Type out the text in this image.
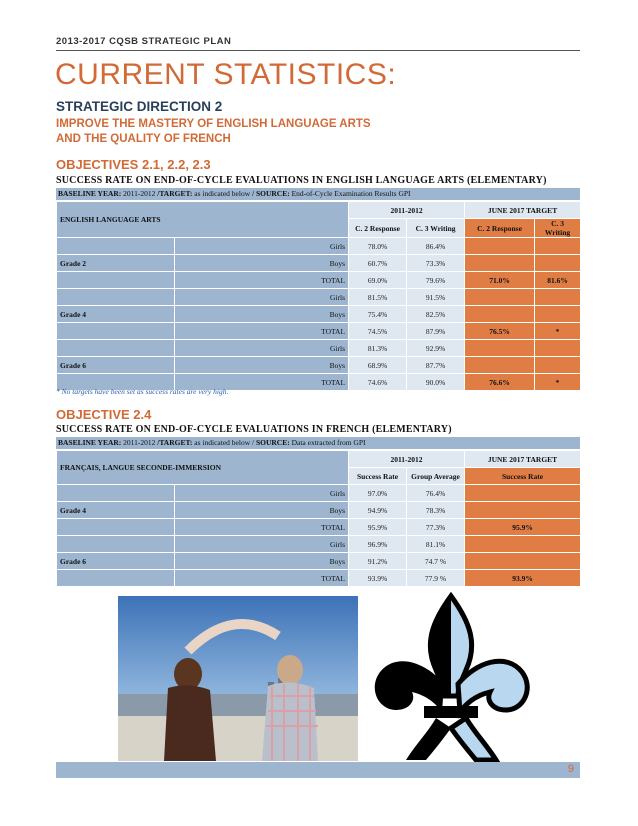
2013-2017 CQSB STRATEGIC PLAN
CURRENT STATISTICS:
STRATEGIC DIRECTION 2
IMPROVE THE MASTERY OF ENGLISH LANGUAGE ARTS
AND THE QUALITY OF FRENCH
OBJECTIVES 2.1, 2.2, 2.3
SUCCESS RATE ON END-OF-CYCLE EVALUATIONS IN ENGLISH LANGUAGE ARTS (ELEMENTARY)
BASELINE YEAR: 2011-2012 /TARGET: as indicated below / SOURCE: End-of-Cycle Examination Results GPI
ENGLISH LANGUAGE ARTS		2011-2012		JUNE 2017 TARGET	
		C. 2 Response	C. 3 Writing	C. 2 Response	C. 3 Writing
	Girls	78.0%	86.4%		
Grade 2	Boys	60.7%	73.3%		
	TOTAL	69.0%	79.6%	71.0%	81.6%
	Girls	81.5%	91.5%		
Grade 4	Boys	75.4%	82.5%		
	TOTAL	74.5%	87.9%	76.5%	*
	Girls	81.3%	92.9%		
Grade 6	Boys	68.9%	87.7%		
	TOTAL	74.6%	90.0%	76.6%	*
* No targets have been set as success rates are very high.
OBJECTIVE 2.4
SUCCESS RATE ON END-OF-CYCLE EVALUATIONS IN FRENCH (ELEMENTARY)
BASELINE YEAR: 2011-2012 /TARGET: as indicated below / SOURCE: Data extracted from GPI
FRANÇAIS, LANGUE SECONDE-IMMERSION		2011-2012		JUNE 2017 TARGET
		Success Rate	Group Average	Success Rate
	Girls	97.0%	76.4%	
Grade 4	Boys	94.9%	78.3%	
	TOTAL	95.9%	77.3%	95.9%
	Girls	96.9%	81.1%	
Grade 6	Boys	91.2%	74.7 %	
	TOTAL	93.9%	77.9 %	93.9%
9
